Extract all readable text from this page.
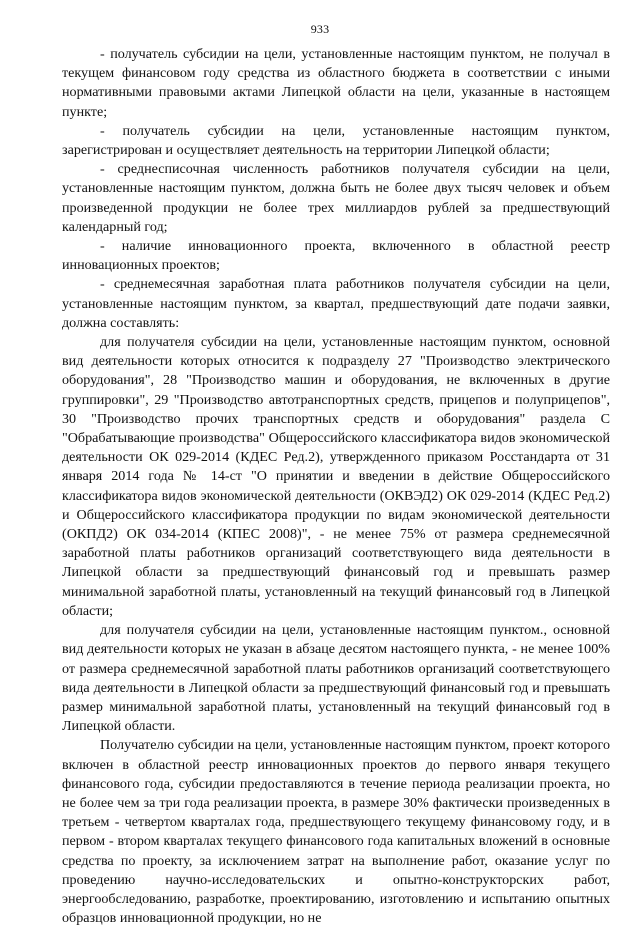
933

- получатель субсидии на цели, установленные настоящим пунктом, не получал в текущем финансовом году средства из областного бюджета в соответствии с иными нормативными правовыми актами Липецкой области на цели, указанные в настоящем пункте;

- получатель субсидии на цели, установленные настоящим пунктом, зарегистрирован и осуществляет деятельность на территории Липецкой области;

- среднесписочная численность работников получателя субсидии на цели, установленные настоящим пунктом, должна быть не более двух тысяч человек и объем произведенной продукции не более трех миллиардов рублей за предшествующий календарный год;

- наличие инновационного проекта, включенного в областной реестр инновационных проектов;

- среднемесячная заработная плата работников получателя субсидии на цели, установленные настоящим пунктом, за квартал, предшествующий дате подачи заявки, должна составлять:

для получателя субсидии на цели, установленные настоящим пунктом, основной вид деятельности которых относится к подразделу 27 "Производство электрического оборудования", 28 "Производство машин и оборудования, не включенных в другие группировки", 29 "Производство автотранспортных средств, прицепов и полуприцепов", 30 "Производство прочих транспортных средств и оборудования" раздела C "Обрабатывающие производства" Общероссийского классификатора видов экономической деятельности ОК 029-2014 (КДЕС Ред.2), утвержденного приказом Росстандарта от 31 января 2014 года № 14-ст "О принятии и введении в действие Общероссийского классификатора видов экономической деятельности (ОКВЭД2) ОК 029-2014 (КДЕС Ред.2) и Общероссийского классификатора продукции по видам экономической деятельности (ОКПД2) ОК 034-2014 (КПЕС 2008)", - не менее 75% от размера среднемесячной заработной платы работников организаций соответствующего вида деятельности в Липецкой области за предшествующий финансовый год и превышать размер минимальной заработной платы, установленный на текущий финансовый год в Липецкой области;

для получателя субсидии на цели, установленные настоящим пунктом., основной вид деятельности которых не указан в абзаце десятом настоящего пункта, - не менее 100% от размера среднемесячной заработной платы работников организаций соответствующего вида деятельности в Липецкой области за предшествующий финансовый год и превышать размер минимальной заработной платы, установленный на текущий финансовый год в Липецкой области.

Получателю субсидии на цели, установленные настоящим пунктом, проект которого включен в областной реестр инновационных проектов до первого января текущего финансового года, субсидии предоставляются в течение периода реализации проекта, но не более чем за три года реализации проекта, в размере 30% фактически произведенных в третьем - четвертом кварталах года, предшествующего текущему финансовому году, и в первом - втором кварталах текущего финансового года капитальных вложений в основные средства по проекту, за исключением затрат на выполнение работ, оказание услуг по проведению научно-исследовательских и опытно-конструкторских работ, энергообследованию, разработке, проектированию, изготовлению и испытанию опытных образцов инновационной продукции, но не
